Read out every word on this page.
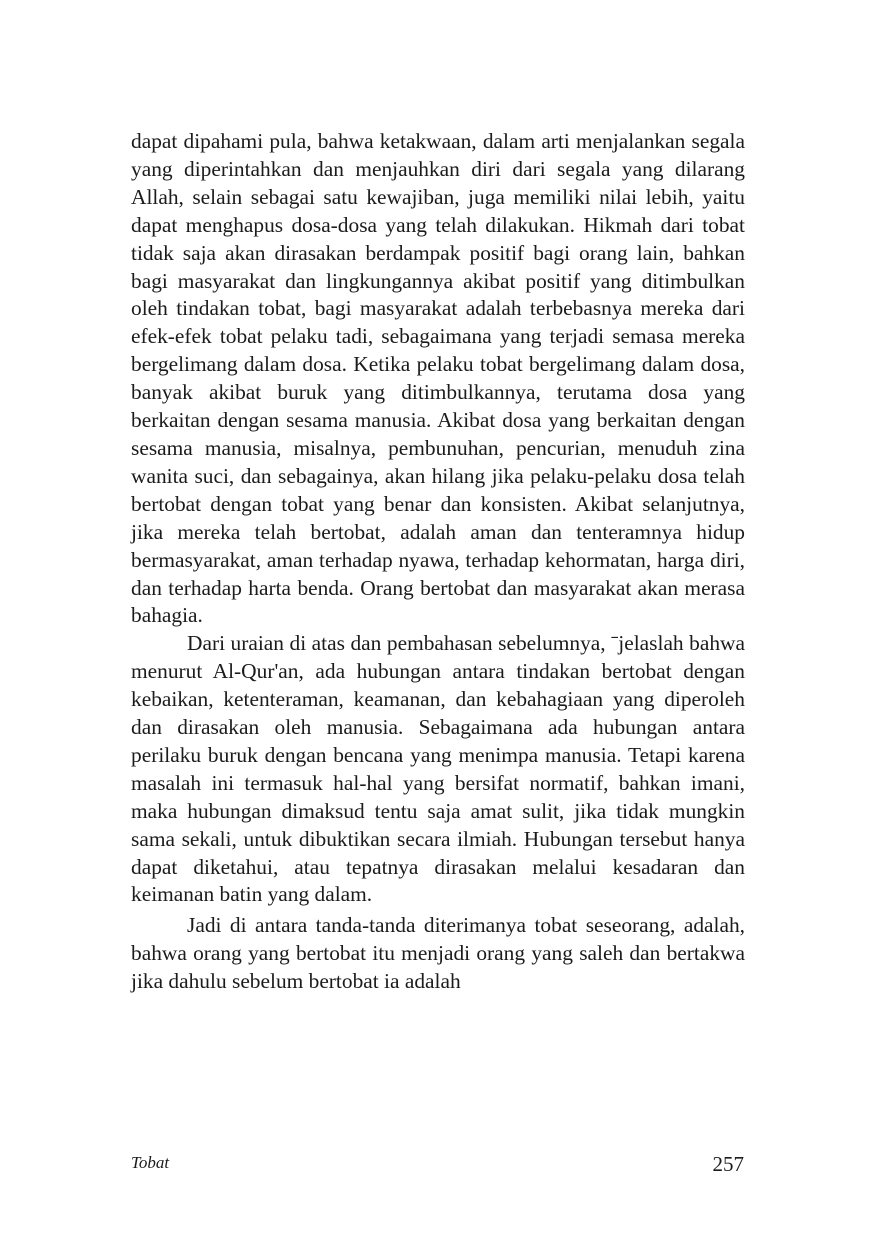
dapat dipahami pula, bahwa ketakwaan, dalam arti menjalankan segala yang diperintahkan dan menjauhkan diri dari segala yang dilarang Allah, selain sebagai satu kewajiban, juga memiliki nilai lebih, yaitu dapat menghapus dosa-dosa yang telah dilakukan. Hikmah dari tobat tidak saja akan dirasakan berdampak positif bagi orang lain, bahkan bagi masyarakat dan lingkungannya akibat positif yang ditimbulkan oleh tindakan tobat, bagi masyarakat adalah terbebasnya mereka dari efek-efek tobat pelaku tadi, sebagaimana yang terjadi semasa mereka bergelimang dalam dosa. Ketika pelaku tobat bergelimang dalam dosa, banyak akibat buruk yang ditimbulkannya, terutama dosa yang berkaitan dengan sesama manusia. Akibat dosa yang berkaitan dengan sesama manusia, misalnya, pembunuhan, pencurian, menuduh zina wanita suci, dan sebagainya, akan hilang jika pelaku-pelaku dosa telah bertobat dengan tobat yang benar dan konsisten. Akibat selanjutnya, jika mereka telah bertobat, adalah aman dan tenteramnya hidup bermasyarakat, aman terhadap nyawa, terhadap kehormatan, harga diri, dan terhadap harta benda. Orang bertobat dan masyarakat akan merasa bahagia.

Dari uraian di atas dan pembahasan sebelumnya, ˉjelaslah bahwa menurut Al-Qur'an, ada hubungan antara tindakan bertobat dengan kebaikan, ketenteraman, keamanan, dan kebahagiaan yang diperoleh dan dirasakan oleh manusia. Sebagaimana ada hubungan antara perilaku buruk dengan bencana yang menimpa manusia. Tetapi karena masalah ini termasuk hal-hal yang bersifat normatif, bahkan imani, maka hubungan dimaksud tentu saja amat sulit, jika tidak mungkin sama sekali, untuk dibuktikan secara ilmiah. Hubungan tersebut hanya dapat diketahui, atau tepatnya dirasakan melalui kesadaran dan keimanan batin yang dalam.

Jadi di antara tanda-tanda diterimanya tobat seseorang, adalah, bahwa orang yang bertobat itu menjadi orang yang saleh dan bertakwa jika dahulu sebelum bertobat ia adalah

Tobat	257
